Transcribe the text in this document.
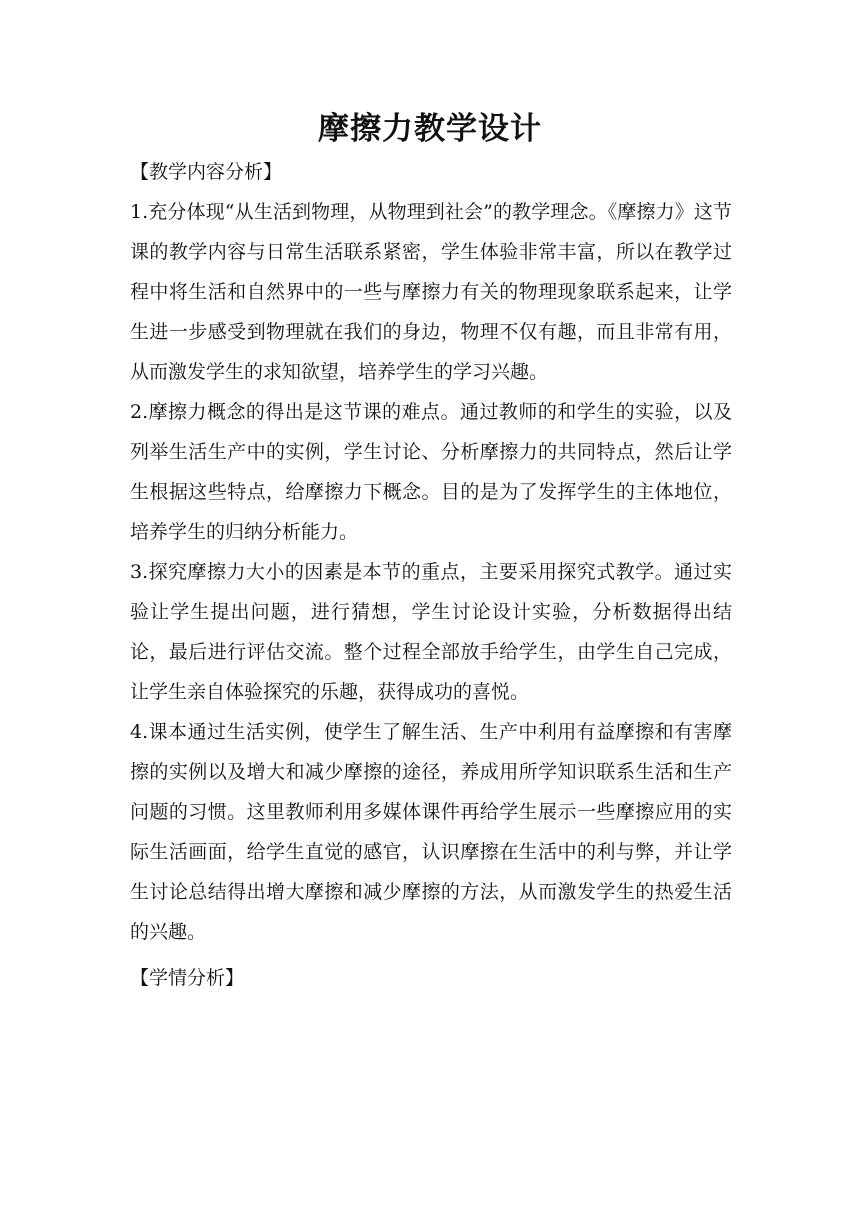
摩擦力教学设计
【教学内容分析】

1.充分体现“从生活到物理，从物理到社会”的教学理念。《摩擦力》这节课的教学内容与日常生活联系紧密，学生体验非常丰富，所以在教学过程中将生活和自然界中的一些与摩擦力有关的物理现象联系起来，让学生进一步感受到物理就在我们的身边，物理不仅有趣，而且非常有用，从而激发学生的求知欲望，培养学生的学习兴趣。

2.摩擦力概念的得出是这节课的难点。通过教师的和学生的实验，以及列举生活生产中的实例，学生讨论、分析摩擦力的共同特点，然后让学生根据这些特点，给摩擦力下概念。目的是为了发挥学生的主体地位，培养学生的归纳分析能力。

3.探究摩擦力大小的因素是本节的重点，主要采用探究式教学。通过实验让学生提出问题，进行猜想，学生讨论设计实验，分析数据得出结论，最后进行评估交流。整个过程全部放手给学生，由学生自己完成，让学生亲自体验探究的乐趣，获得成功的喜悦。

4.课本通过生活实例，使学生了解生活、生产中利用有益摩擦和有害摩擦的实例以及增大和减少摩擦的途径，养成用所学知识联系生活和生产问题的习惯。这里教师利用多媒体课件再给学生展示一些摩擦应用的实际生活画面，给学生直觉的感官，认识摩擦在生活中的利与弊，并让学生讨论总结得出增大摩擦和减少摩擦的方法，从而激发学生的热爱生活的兴趣。

【学情分析】
